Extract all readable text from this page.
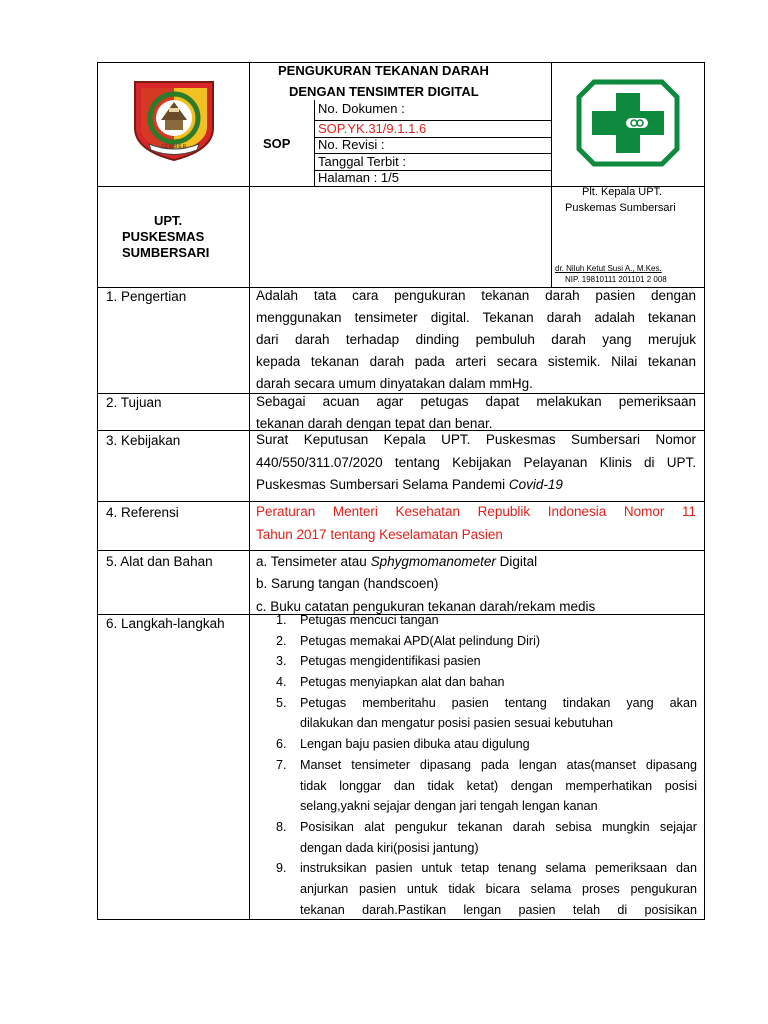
JEMBER
PENGUKURAN TEKANAN DARAH
DENGAN TENSIMTER DIGITAL
SOP
No. Dokumen :
SOP.YK.31/9.1.1.6
No. Revisi :
Tanggal Terbit :
Halaman : 1/5
UPT.
PUSKESMAS
SUMBERSARI
Plt. Kepala UPT.
Puskemas Sumbersari
dr. Niluh Ketut Susi A., M.Kes.
NIP. 19810111 201101 2 008
1. Pengertian	Adalah tata cara pengukuran tekanan darah pasien dengan
menggunakan tensimeter digital. Tekanan darah adalah tekanan
dari darah terhadap dinding pembuluh darah yang merujuk
kepada tekanan darah pada arteri secara sistemik. Nilai tekanan
darah secara umum dinyatakan dalam mmHg.
2. Tujuan	Sebagai acuan agar petugas dapat melakukan pemeriksaan
tekanan darah dengan tepat dan benar.
3. Kebijakan	Surat Keputusan Kepala UPT. Puskesmas Sumbersari Nomor
440/550/311.07/2020 tentang Kebijakan Pelayanan Klinis di UPT.
Puskesmas Sumbersari Selama Pandemi Covid-19
4. Referensi	Peraturan Menteri Kesehatan Republik Indonesia Nomor 11
Tahun 2017 tentang Keselamatan Pasien
5. Alat dan Bahan	a. Tensimeter atau Sphygmomanometer Digital
b. Sarung tangan (handscoen)
c. Buku catatan pengukuran tekanan darah/rekam medis
6. Langkah-langkah	1. Petugas mencuci tangan
2. Petugas memakai APD(Alat pelindung Diri)
3. Petugas mengidentifikasi pasien
4. Petugas menyiapkan alat dan bahan
5. Petugas memberitahu pasien tentang tindakan yang akan
dilakukan dan mengatur posisi pasien sesuai kebutuhan
6. Lengan baju pasien dibuka atau digulung
7. Manset tensimeter dipasang pada lengan atas(manset dipasang
tidak longgar dan tidak ketat) dengan memperhatikan posisi
selang,yakni sejajar dengan jari tengah lengan kanan
8. Posisikan alat pengukur tekanan darah sebisa mungkin sejajar
dengan dada kiri(posisi jantung)
9. instruksikan pasien untuk tetap tenang selama pemeriksaan dan
anjurkan pasien untuk tidak bicara selama proses pengukuran
tekanan darah.Pastikan lengan pasien telah di posisikan
